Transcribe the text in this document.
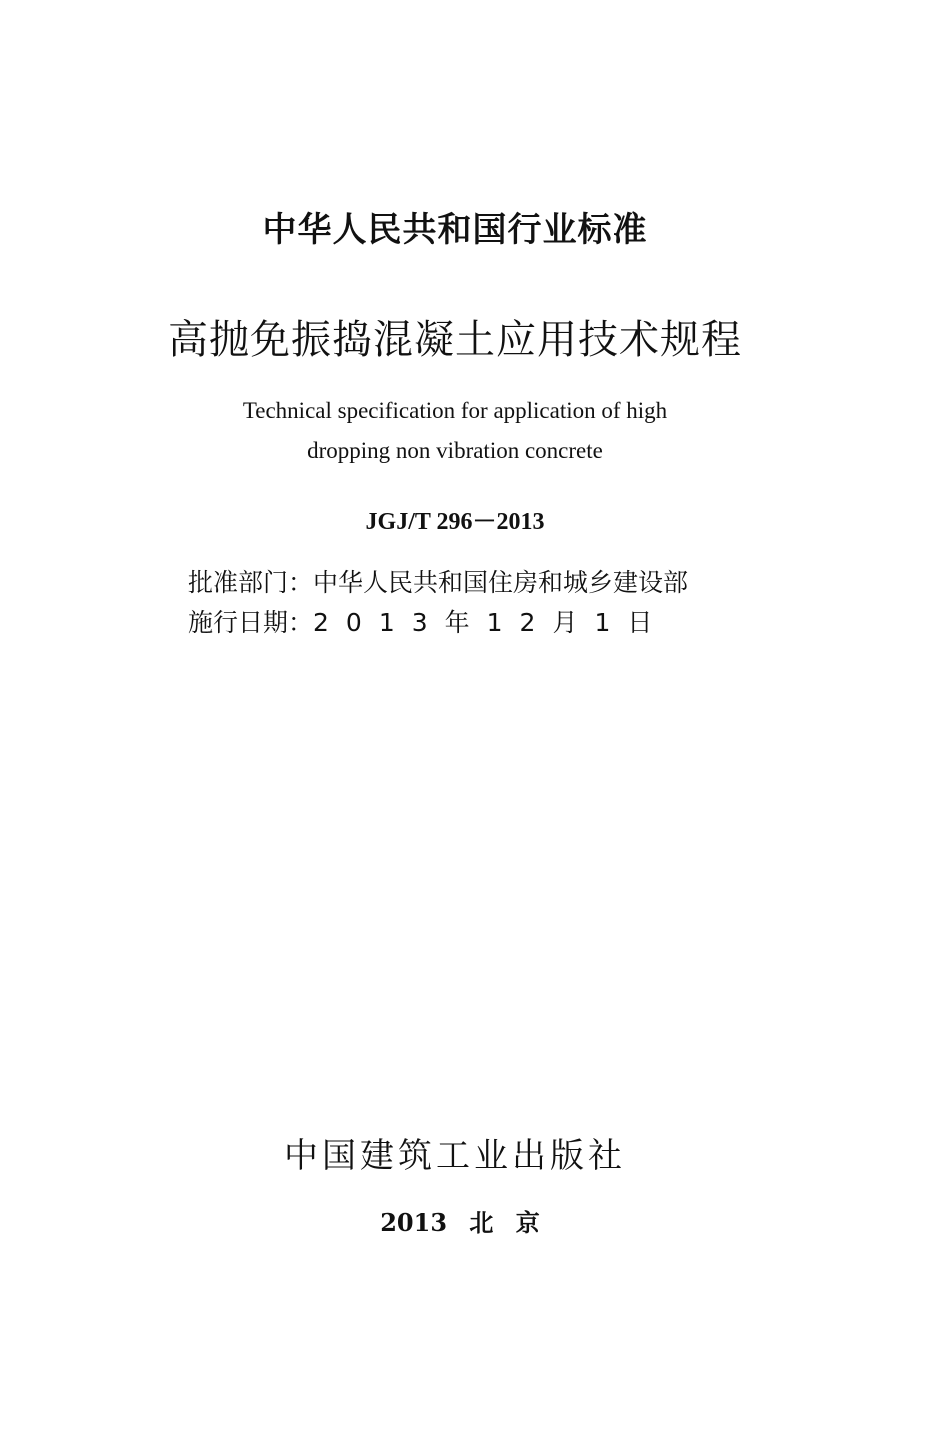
中华人民共和国行业标准
高抛免振捣混凝土应用技术规程
Technical specification for application of high
dropping non vibration concrete
JGJ/T 296－2013
批准部门：中华人民共和国住房和城乡建设部
施行日期：2013年12月1日
中国建筑工业出版社
2013 北 京
